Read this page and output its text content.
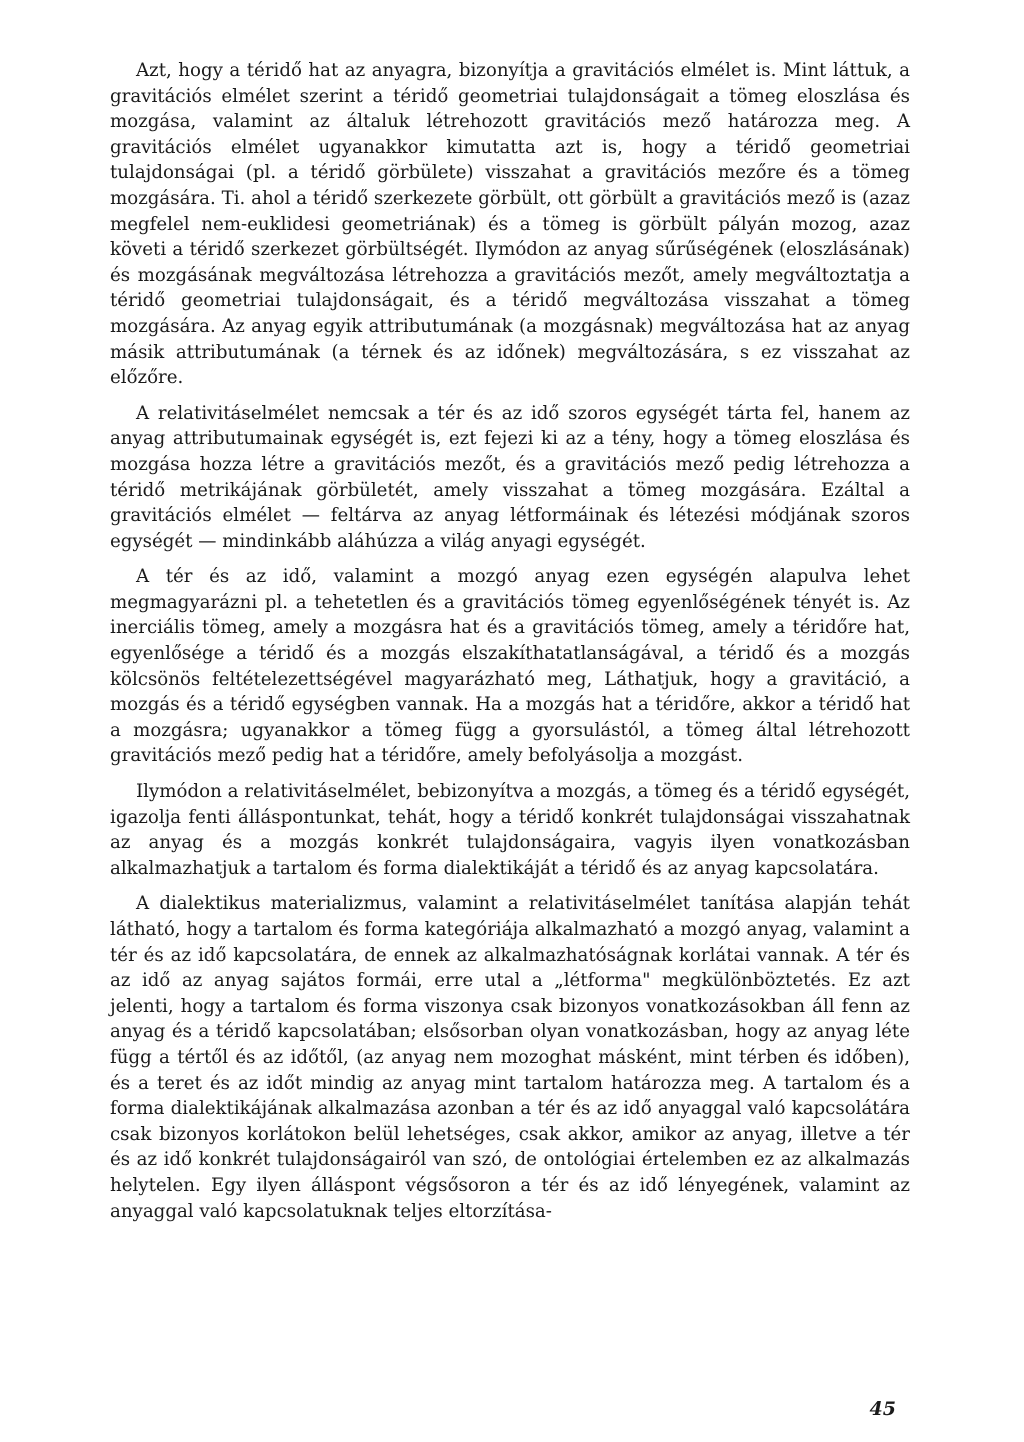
Azt, hogy a téridő hat az anyagra, bizonyítja a gravitációs elmélet is. Mint láttuk, a gravitációs elmélet szerint a téridő geometriai tulajdonságait a tömeg eloszlása és mozgása, valamint az általuk létrehozott gravitációs mező határozza meg. A gravitációs elmélet ugyanakkor kimutatta azt is, hogy a téridő geometriai tulajdonságai (pl. a téridő görbülete) visszahat a gravitációs mezőre és a tömeg mozgására. Ti. ahol a téridő szerkezete görbült, ott görbült a gravitációs mező is (azaz megfelel nem-euklidesi geometriának) és a tömeg is görbült pályán mozog, azaz követi a téridő szerkezet görbültségét. Ilymódon az anyag sűrűségének (eloszlásának) és mozgásának megváltozása létrehozza a gravitációs mezőt, amely megváltoztatja a téridő geometriai tulajdonságait, és a téridő megváltozása visszahat a tömeg mozgására. Az anyag egyik attributumának (a mozgásnak) megváltozása hat az anyag másik attributumának (a térnek és az időnek) megváltozására, s ez visszahat az előzőre.

A relativitáselmélet nemcsak a tér és az idő szoros egységét tárta fel, hanem az anyag attributumainak egységét is, ezt fejezi ki az a tény, hogy a tömeg eloszlása és mozgása hozza létre a gravitációs mezőt, és a gravitációs mező pedig létrehozza a téridő metrikájának görbületét, amely visszahat a tömeg mozgására. Ezáltal a gravitációs elmélet — feltárva az anyag létformáinak és létezési módjának szoros egységét — mindinkább aláhúzza a világ anyagi egységét.

A tér és az idő, valamint a mozgó anyag ezen egységén alapulva lehet megmagyarázni pl. a tehetetlen és a gravitációs tömeg egyenlőségének tényét is. Az inerciális tömeg, amely a mozgásra hat és a gravitációs tömeg, amely a téridőre hat, egyenlősége a téridő és a mozgás elszakíthatatlanságával, a téridő és a mozgás kölcsönös feltételezettségével magyarázható meg, Láthatjuk, hogy a gravitáció, a mozgás és a téridő egységben vannak. Ha a mozgás hat a téridőre, akkor a téridő hat a mozgásra; ugyanakkor a tömeg függ a gyorsulástól, a tömeg által létrehozott gravitációs mező pedig hat a téridőre, amely befolyásolja a mozgást.

Ilymódon a relativitáselmélet, bebizonyítva a mozgás, a tömeg és a téridő egységét, igazolja fenti álláspontunkat, tehát, hogy a téridő konkrét tulajdonságai visszahatnak az anyag és a mozgás konkrét tulajdonságaira, vagyis ilyen vonatkozásban alkalmazhatjuk a tartalom és forma dialektikáját a téridő és az anyag kapcsolatára.

A dialektikus materializmus, valamint a relativitáselmélet tanítása alapján tehát látható, hogy a tartalom és forma kategóriája alkalmazható a mozgó anyag, valamint a tér és az idő kapcsolatára, de ennek az alkalmazhatóságnak korlátai vannak. A tér és az idő az anyag sajátos formái, erre utal a „létforma" megkülönböztetés. Ez azt jelenti, hogy a tartalom és forma viszonya csak bizonyos vonatkozásokban áll fenn az anyag és a téridő kapcsolatában; elsősorban olyan vonatkozásban, hogy az anyag léte függ a tértől és az időtől, (az anyag nem mozoghat másként, mint térben és időben), és a teret és az időt mindig az anyag mint tartalom határozza meg. A tartalom és a forma dialektikájának alkalmazása azonban a tér és az idő anyaggal való kapcsolátára csak bizonyos korlátokon belül lehetséges, csak akkor, amikor az anyag, illetve a tér és az idő konkrét tulajdonságairól van szó, de ontológiai értelemben ez az alkalmazás helytelen. Egy ilyen álláspont végsősoron a tér és az idő lényegének, valamint az anyaggal való kapcsolatuknak teljes eltorzítása-

45
